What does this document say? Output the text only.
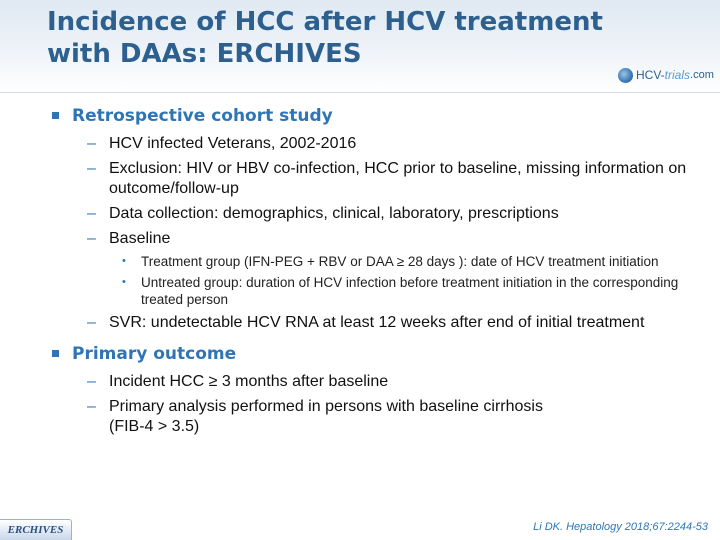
Incidence of HCC after HCV treatment
with DAAs: ERCHIVES
HCV- trials .com
Retrospective cohort study
– HCV infected Veterans, 2002-2016
– Exclusion: HIV or HBV co-infection, HCC prior to baseline, missing information on outcome/follow-up
– Data collection: demographics, clinical, laboratory, prescriptions
– Baseline
• Treatment group (IFN-PEG + RBV or DAA ≥ 28 days ): date of HCV treatment initiation
• Untreated group: duration of HCV infection before treatment initiation in the corresponding treated person
– SVR: undetectable HCV RNA at least 12 weeks after end of initial treatment
Primary outcome
– Incident HCC ≥ 3 months after baseline
– Primary analysis performed in persons with baseline cirrhosis
(FIB-4 > 3.5)
ERCHIVES	Li DK. Hepatology 2018;67:2244-53
